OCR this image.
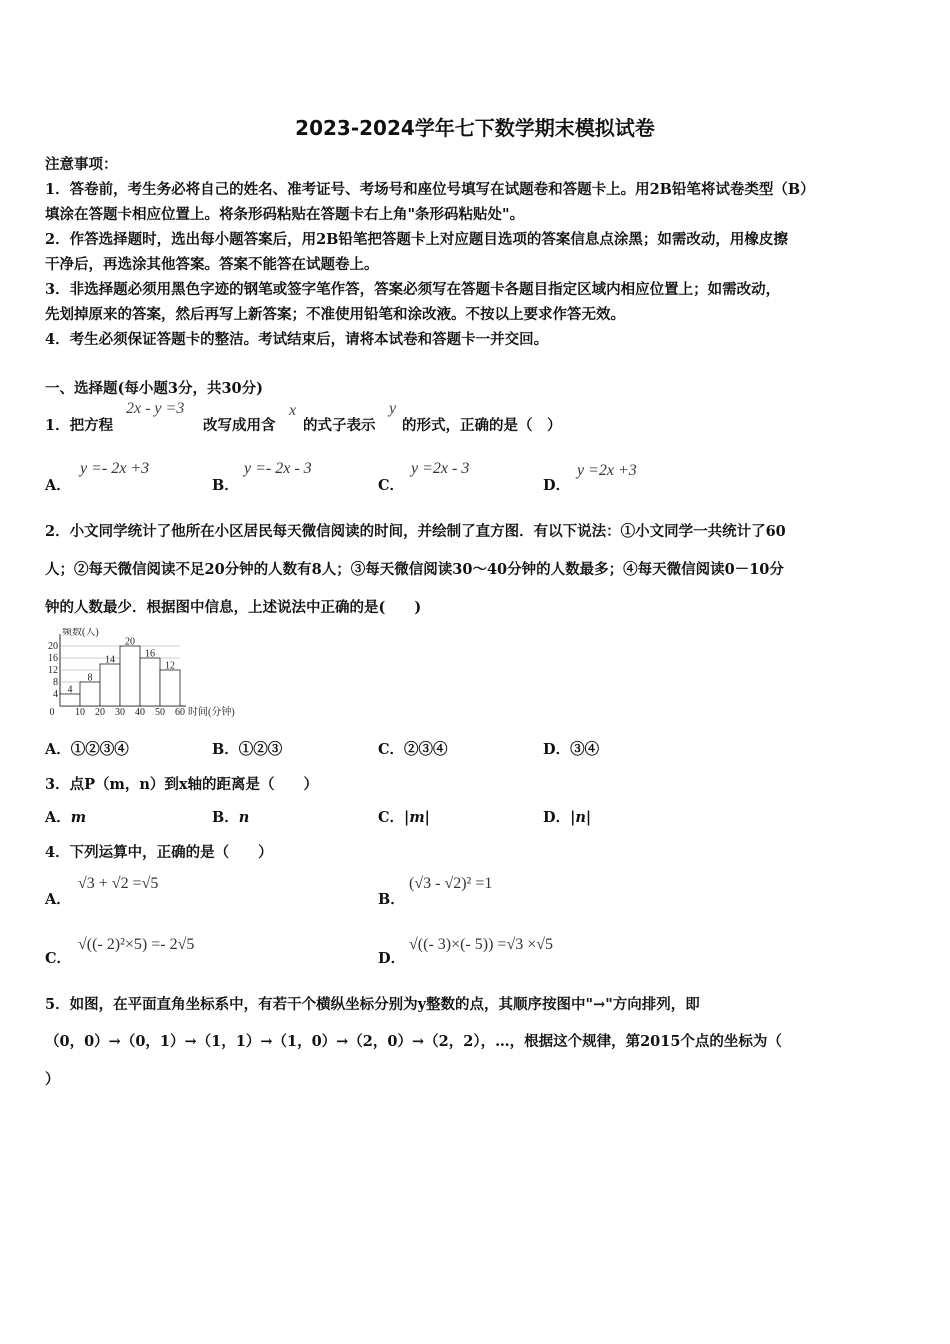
2023-2024学年七下数学期末模拟试卷
注意事项：
1．答卷前，考生务必将自己的姓名、准考证号、考场号和座位号填写在试题卷和答题卡上。用2B铅笔将试卷类型（B）
填涂在答题卡相应位置上。将条形码粘贴在答题卡右上角"条形码粘贴处"。
2．作答选择题时，选出每小题答案后，用2B铅笔把答题卡上对应题目选项的答案信息点涂黑；如需改动，用橡皮擦
干净后，再选涂其他答案。答案不能答在试题卷上。
3．非选择题必须用黑色字迹的钢笔或签字笔作答，答案必须写在答题卡各题目指定区域内相应位置上；如需改动，
先划掉原来的答案，然后再写上新答案；不准使用铅笔和涂改液。不按以上要求作答无效。
4．考生必须保证答题卡的整洁。考试结束后，请将本试卷和答题卡一并交回。
一、选择题(每小题3分，共30分)
1．把方程
2x - y =3
改写成用含
x
的式子表示
y
的形式，正确的是（　）
A．
y =- 2x +3
B．
y =- 2x - 3
C．
y =2x - 3
D．
y =2x +3
2．小文同学统计了他所在小区居民每天微信阅读的时间，并绘制了直方图．有以下说法：①小文同学一共统计了60
人；②每天微信阅读不足20分钟的人数有8人；③每天微信阅读30～40分钟的人数最多；④每天微信阅读0－10分
钟的人数最少．根据图中信息，上述说法中正确的是(　　)
4
8
14
20
16
12
0 10 20 30 40 50 60
4
8
12
16
20
频数(人)
时间(分钟)
A．①②③④	B．①②③	C．②③④	D．③④
3．点P（m，n）到x轴的距离是（　　）
A．m	B．n	C．|m|	D．|n|
4．下列运算中，正确的是（　　）
A．
√3 + √2 =√5
B．
(√3 - √2)² =1
C．
√((- 2)²×5) =- 2√5
D．
√((- 3)×(- 5)) =√3 ×√5
5．如图，在平面直角坐标系中，有若干个横纵坐标分别为y整数的点，其顺序按图中"→"方向排列，即
（0，0）→（0，1）→（1，1）→（1，0）→（2，0）→（2，2），…，根据这个规律，第2015个点的坐标为（
）
